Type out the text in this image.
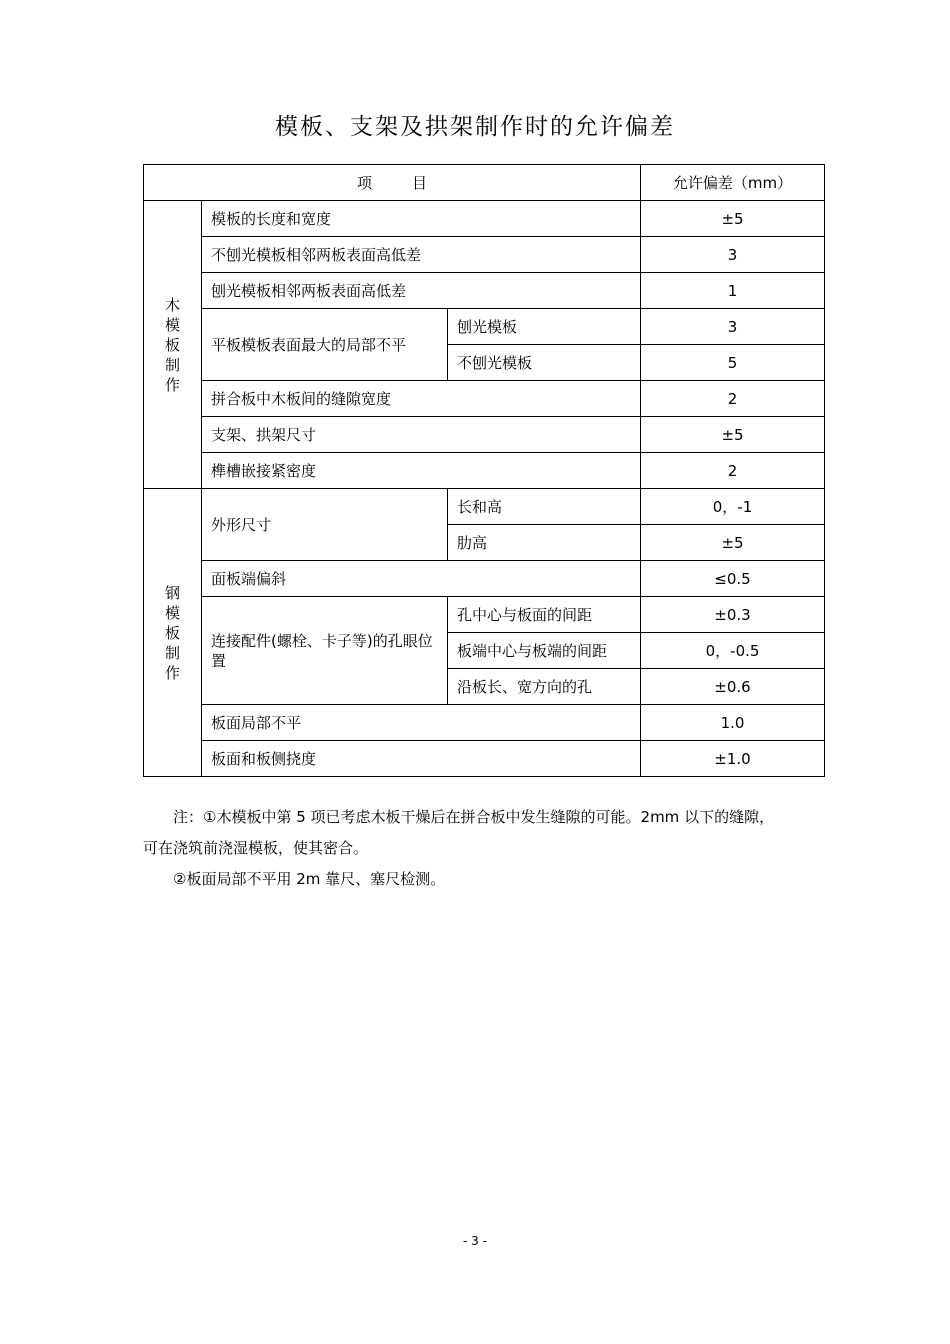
模板、支架及拱架制作时的允许偏差
项 目			允许偏差（mm）

木
模
板
制
作	模板的长度和宽度		±5
	不刨光模板相邻两板表面高低差		3
	刨光模板相邻两板表面高低差		1
	平板模板表面最大的局部不平	刨光模板	3
		不刨光模板	5
	拼合板中木板间的缝隙宽度		2
	支架、拱架尺寸		±5
	榫槽嵌接紧密度		2

钢
模
板
制
作	外形尺寸	长和高	0，-1
		肋高	±5
	面板端偏斜		≤0.5
	连接配件(螺栓、卡子等)的孔眼位置	孔中心与板面的间距	±0.3
		板端中心与板端的间距	0，-0.5
		沿板长、宽方向的孔	±0.6
	板面局部不平		1.0
	板面和板侧挠度		±1.0

注：①木模板中第 5 项已考虑木板干燥后在拼合板中发生缝隙的可能。2mm 以下的缝隙，

可在浇筑前浇湿模板，使其密合。

②板面局部不平用 2m 靠尺、塞尺检测。

- 3 -
